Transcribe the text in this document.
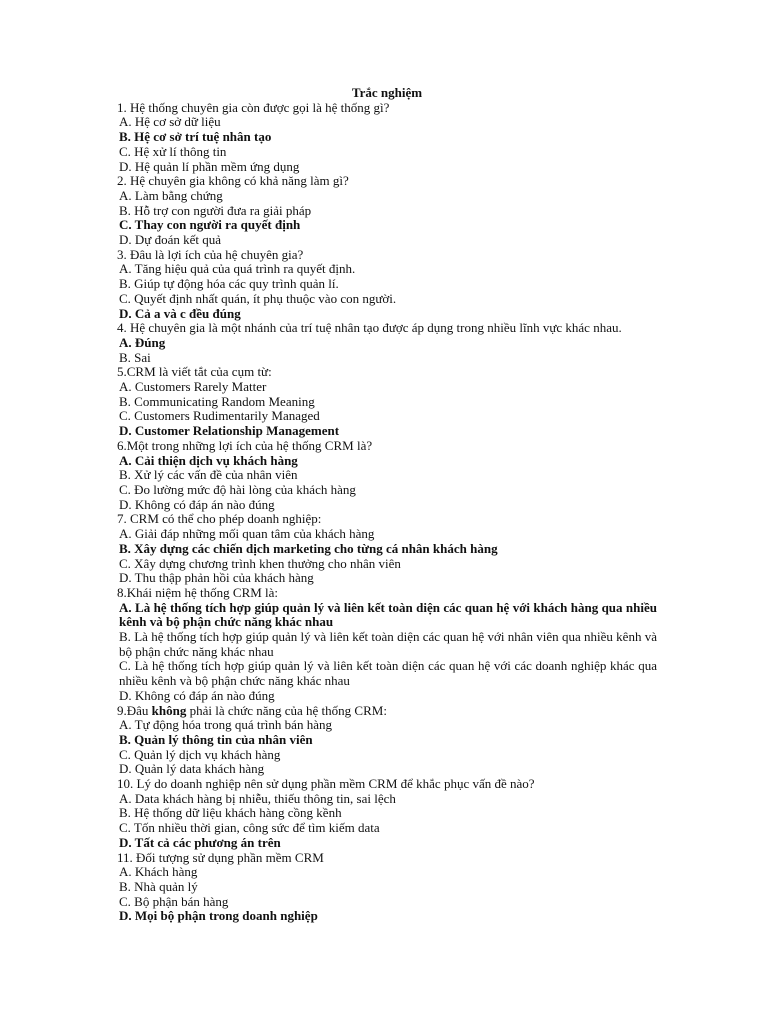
Trắc nghiệm
1. Hệ thống chuyên gia còn được gọi là hệ thống gì?
A. Hệ cơ sở dữ liệu
B. Hệ cơ sở trí tuệ nhân tạo
C. Hệ xử lí thông tin
D. Hệ quản lí phần mềm ứng dụng
2. Hệ chuyên gia không có khả năng làm gì?
A. Làm bằng chứng
B. Hỗ trợ con người đưa ra giải pháp
C. Thay con người ra quyết định
D. Dự đoán kết quả
3. Đâu là lợi ích của hệ chuyên gia?
A. Tăng hiệu quả của quá trình ra quyết định.
B. Giúp tự động hóa các quy trình quản lí.
C. Quyết định nhất quán, ít phụ thuộc vào con người.
D. Cả a và c đều đúng
4. Hệ chuyên gia là một nhánh của trí tuệ nhân tạo được áp dụng trong nhiều lĩnh vực khác nhau.
A. Đúng
B. Sai
5.CRM là viết tắt của cụm từ:
A. Customers Rarely Matter
B. Communicating Random Meaning
C. Customers Rudimentarily Managed
D. Customer Relationship Management
6.Một trong những lợi ích của hệ thống CRM là?
A. Cải thiện dịch vụ khách hàng
B. Xử lý các vấn đề của nhân viên
C. Đo lường mức độ hài lòng của khách hàng
D. Không có đáp án nào đúng
7. CRM có thể cho phép doanh nghiệp:
A. Giải đáp những mối quan tâm của khách hàng
B. Xây dựng các chiến dịch marketing cho từng cá nhân khách hàng
C. Xây dựng chương trình khen thưởng cho nhân viên
D. Thu thập phản hồi của khách hàng
8.Khái niệm hệ thống CRM là:
A. Là hệ thống tích hợp giúp quản lý và liên kết toàn diện các quan hệ với khách hàng qua nhiều kênh và bộ phận chức năng khác nhau
B. Là hệ thống tích hợp giúp quản lý và liên kết toàn diện các quan hệ với nhân viên qua nhiều kênh và bộ phận chức năng khác nhau
C. Là hệ thống tích hợp giúp quản lý và liên kết toàn diện các quan hệ với các doanh nghiệp khác qua nhiều kênh và bộ phận chức năng khác nhau
D. Không có đáp án nào đúng
9.Đâu không phải là chức năng của hệ thống CRM:
A. Tự động hóa trong quá trình bán hàng
B. Quản lý thông tin của nhân viên
C. Quản lý dịch vụ khách hàng
D. Quản lý data khách hàng
10. Lý do doanh nghiệp nên sử dụng phần mềm CRM để khắc phục vấn đề nào?
A. Data khách hàng bị nhiễu, thiếu thông tin, sai lệch
B. Hệ thống dữ liệu khách hàng cồng kềnh
C. Tốn nhiều thời gian, công sức để tìm kiếm data
D. Tất cả các phương án trên
11. Đối tượng sử dụng phần mềm CRM
A. Khách hàng
B. Nhà quản lý
C. Bộ phận bán hàng
D. Mọi bộ phận trong doanh nghiệp
